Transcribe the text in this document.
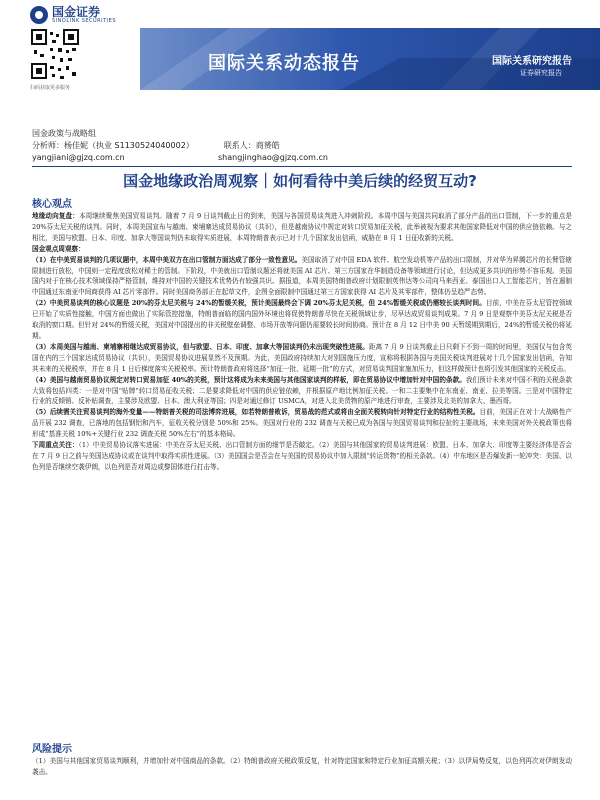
国金证券
SINOLINK SECURITIES
扫码获取更多服务
国际关系动态报告	国际关系研究报告
证券研究报告
国金政策与战略组
分析师：杨佳妮（执业 S1130524040002）	联系人：商赟皓
yangjiani@gjzq.com.cn	shangjinghao@gjzq.com.cn
国金地缘政治周观察｜如何看待中美后续的经贸互动?
核心观点

地缘动向复盘：本周继续聚焦美国贸易谈判。随着 7 月 9 日谈判截止日的到来，美国与各国贸易谈判进入冲刺阶段。本周中国与美国共同取消了部分产品的出口管制，下一步的重点是 20%芬太尼关税的谈判。同时，本周美国宣布与越南、柬埔寨达成贸易协议（共识），但是越南协议中规定对转口贸易加征关税，此举被视为要求其他国家降低对中国的供应链依赖。与之相比，美国与欧盟、日本、印度、加拿大等国谈判仍未取得实质进展，本周特朗普表示已对十几个国家发出信函，威胁在 8 月 1 日征收新的关税。

国金观点周观察：

（1）在中美贸易谈判的几项议题中，本周中美双方在出口管制方面达成了部分一致性意见。美国取消了对中国 EDA 软件、航空发动机等产品的出口限制，并对华为昇腾芯片的长臂管辖限制进行放松，中国则一定程度放松对稀土的管制。下阶段，中美就出口管制议题还将就美国 AI 芯片、第三方国家在华制造设备等领域进行讨论，但达成更多共识的形势不容乐观。美国国内对于在核心技术领域保持严格管制，维持对中国的关键技术优势仍有较强共识。据报道，本周美国特朗普政府计划限制英伟达等公司向马来西亚、泰国出口人工智能芯片，旨在遏制中国通过东南亚中间商获得 AI 芯片零部件。同时美国商务部正在起草文件，企图全面限制中国通过第三方国家获得 AI 芯片及其零部件，整体仍呈趋严态势。

（2）中美贸易谈判的核心议题是 20%的芬太尼关税与 24%的暂缓关税，预计美国最终会下调 20%芬太尼关税，但 24%暂缓关税或仍需较长谈判时间。目前，中美在芬太尼管控领域已开始了实质性接触，中国方面也做出了实际管控措施，特朗普面临的国内国外环境也将促使特朗普尽快在关税领域让步，尽早达成贸易谈判成果。7 月 9 日是观察中美芬太尼关税是否取消的窗口期。但针对 24%的暂缓关税，美国对中国提出的非关税壁垒调整、市场开放等问题仍需要较长时间协商。预计在 8 月 12 日中美 90 天暂缓期到期后，24%的暂缓关税仍将延期。

（3）本周美国与越南、柬埔寨相继达成贸易协议，但与欧盟、日本、印度、加拿大等国谈判仍未出现突破性进展。距离 7 月 9 日谈判截止日只剩下不到一周的时间里，美国仅与包含英国在内的三个国家达成贸易协议（共识），美国贸易协议进展显然不及预期。为此，美国政府持续加大对别国施压力度，宣称将根据各国与美国关税谈判进展对十几个国家发出信函，告知其未来的关税税率，并在 8 月 1 日后梯度落实关税税率。预计特朗普政府将选择“加征一批、延期一批”的方式，对贸易谈判国家施加压力，但这样做预计也将引发其他国家的关税反击。

（4）美国与越南贸易协议规定对转口贸易加征 40%的关税，预计这将成为未来美国与其他国家谈判的样板，即在贸易协议中增加针对中国的条款。我们预计未来对中国不利的关税条款大致将包括四类：一是对中国“贴牌”转口贸易征收关税；二是要求降低对中国的供应链依赖，并根据原产地比例加征关税。一和二主要集中在东南亚、南亚、拉美等国。三是对中国特定行业的反倾销、反补贴调查，主要涉及欧盟、日本、澳大利亚等国；四是对通过修订 USMCA，对进入北美货物的原产地进行审查，主要涉及北美的加拿大、墨西哥。

（5）后续需关注贸易谈判的海外变量——特朗普关税的司法博弈进展，如若特朗普败诉，贸易战的范式或将由全面关税转向针对特定行业的结构性关税。目前，美国正在对十大战略性产品开展 232 调查，已落地的包括钢铝和汽车，征收关税分别是 50%和 25%。美国对行业的 232 调查与关税已成为各国与美国贸易谈判和拉扯的主要战场，未来美国对外关税政策也将形成“基准关税 10%+关键行业 232 调查关税 50%左右”的基本格局。

下周重点关注：（1）中美贸易协议落实进展：中美在芬太尼关税、出口管制方面的细节是否敲定。（2）美国与其他国家的贸易谈判进展：欧盟、日本、加拿大、印度等主要经济体是否会在 7 月 9 日之前与美国达成协议或在谈判中取得实质性进展。（3）美国国会是否会在与美国的贸易协议中加入限制“转运货物”的相关条款。（4）中东地区是否爆发新一轮冲突：美国、以色列是否继续空袭伊朗，以色列是否对周边或黎国体进行打击等。

风险提示

（1）美国与其他国家贸易谈判顺利，并增加针对中国商品的条款。（2）特朗普政府关税政策反复，针对特定国家和特定行业加征高额关税；（3）以伊局势反复，以色列再次对伊朗发动袭击。
